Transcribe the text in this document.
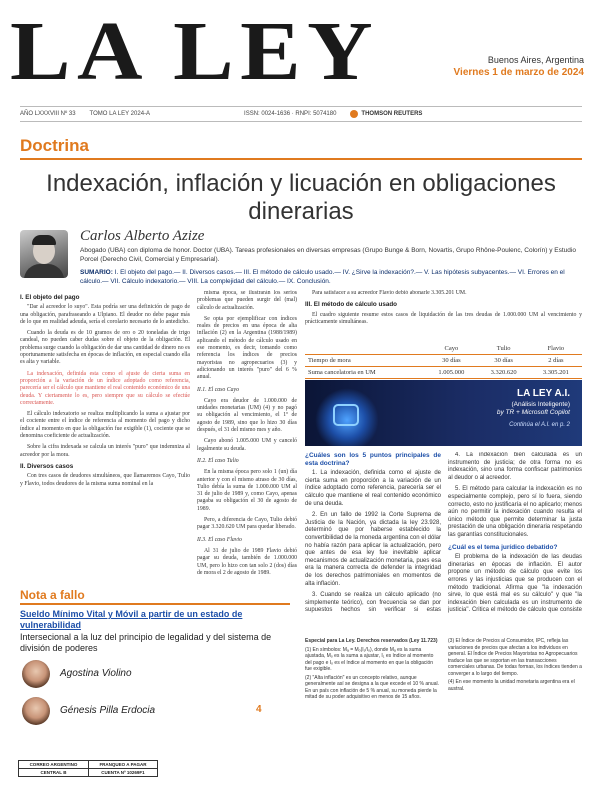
LA LEY	Buenos Aires, Argentina
Viernes 1 de marzo de 2024
AÑO LXXXVIII Nº 33 TOMO LA LEY 2024-A	ISSN: 0024-1636 · RNPI: 5074180	THOMSON REUTERS
Doctrina
Indexación, inflación y licuación en obligaciones dinerarias
Carlos Alberto Azize
Abogado (UBA) con diploma de honor. Doctor (UBA). Tareas profesionales en diversas empresas (Grupo Bunge & Born, Novartis, Grupo Rhône-Poulenc, Colorín) y Estudio Porcel (Derecho Civil, Comercial y Empresarial).
SUMARIO: I. El objeto del pago.— II. Diversos casos.— III. El método de cálculo usado.— IV. ¿Sirve la indexación?.— V. Las hipótesis subyacentes.— VI. Errores en el cálculo.— VII. Cálculo indexatorio.— VIII. La complejidad del cálculo.— IX. Conclusión.
I. El objeto del pago

"Dar al acreedor lo suyo". Esta podría ser una definición de pago de una obligación, parafraseando a Ulpiano. El deudor no debe pagar más de lo que en realidad adeuda, sería el corolario necesario de lo antedicho.

Cuando la deuda es de 10 gramos de oro o 20 toneladas de trigo candeal, no pueden caber dudas sobre el objeto de la obligación. El problema surge cuando la obligación de dar una cantidad de dinero no es oportunamente satisfecha en épocas de inflación, en especial cuando ella es alta y variable.

La indexación, definida esta como el ajuste de cierta suma en proporción a la variación de un índice adoptado como referencia, parecería ser el cálculo que mantiene el real contenido económico de una deuda. Y ciertamente lo es, pero siempre que su cálculo se efectúe correctamente.

El cálculo indexatorio se realiza multiplicando la suma a ajustar por el cociente entre el índice de referencia al momento del pago y dicho índice al momento en que la obligación fue exigible (1), cociente que se denomina coeficiente de actualización.

Sobre la cifra indexada se calcula un interés "puro" que indemniza al acreedor por la mora.

II. Diversos casos

Con tres casos de deudores simultáneos, que llamaremos Cayo, Tulio y Flavio, todos deudores de la misma suma nominal en la

misma época, se ilustrarán los serios problemas que pueden surgir del (mal) cálculo de actualización.

Se opta por ejemplificar con índices reales de precios en una época de alta inflación (2) en la Argentina (1988/1989) aplicando el método de cálculo usado en ese momento, es decir, tomando como referencia los índices de precios mayoristas no agropecuarios (3) y adicionando un interés "puro" del 6 % anual.

II.1. El caso Cayo

Cayo era deudor de 1.000.000 de unidades monetarias (UM) (4) y no pagó su obligación al vencimiento, el 1º de agosto de 1989, sino que lo hizo 30 días después, el 31 del mismo mes y año.

Cayo abonó 1.005.000 UM y canceló legalmente su deuda.

II.2. El caso Tulio

En la misma época pero solo 1 (un) día anterior y con el mismo atraso de 30 días, Tulio debía la suma de 1.000.000 UM al 31 de julio de 1989 y, como Cayo, apenas pagaba su obligación el 30 de agosto de 1989.

Pero, a diferencia de Cayo, Tulio debió pagar 3.320.620 UM para quedar liberado.

II.3. El caso Flavio

Al 31 de julio de 1989 Flavio debió pagar su deuda, también de 1.000.000 UM, pero lo hizo con tan solo 2 (dos) días de mora el 2 de agosto de 1989.

Para satisfacer a su acreedor Flavio debió abonarle 3.305.201 UM.

III. El método de cálculo usado

El cuadro siguiente resume estos casos de liquidación de las tres deudas de 1.000.000 UM al vencimiento y prácticamente simultáneas.

	Cayo	Tulio	Flavio
Tiempo de mora	30 días	30 días	2 días
Suma cancelatoria en UM	1.005.000	3.320.620	3.305.201
LA LEY A.I.
(Análisis Inteligente)
by TR + Microsoft Copilot
Continúa el A.I. en p. 2
¿Cuáles son los 5 puntos principales de esta doctrina?

1. La indexación, definida como el ajuste de cierta suma en proporción a la variación de un índice adoptado como referencia, parecería ser el cálculo que mantiene el real contenido económico de una deuda.

2. En un fallo de 1992 la Corte Suprema de Justicia de la Nación, ya dictada la ley 23.928, determinó que por haberse establecido la convertibilidad de la moneda argentina con el dólar no había razón para aplicar la actualización, pero que antes de esa ley fue inevitable aplicar mecanismos de actualización monetaria, pues esa era la manera correcta de defender la integridad de los derechos patrimoniales en momentos de alta inflación.

3. Cuando se realiza un cálculo aplicado (no simplemente teórico), con frecuencia se dan por supuestos hechos sin verificar si estas

4. La indexación bien calculada es un instrumento de justicia; de otra forma no es indexación, sino una forma confiscar patrimonios al deudor o al acreedor.

5. El método para calcular la indexación es no especialmente complejo, pero sí lo fuera, siendo correcto, esto no justificaría el no aplicarlo; menos aún no permitir la indexación cuando resulta el único método que permite determinar la justa prestación de una obligación dineraria respetando las garantías constitucionales.

¿Cuál es el tema jurídico debatido?

El problema de la indexación de las deudas dinerarias en épocas de inflación. El autor propone un método de cálculo que evite los errores y las injusticias que se producen con el método tradicional. Afirma que "la indexación sirve, lo que está mal es su cálculo" y que "la indexación bien calculada es un instrumento de justicia". Critica el método de cálculo que consiste

Especial para La Ley. Derechos reservados (Ley 11.723)

(1) En símbolos: Mₐ = Mₒ(I₁/Iₒ), donde Mₐ es la suma ajustada, Mₒ es la suma a ajustar, I₁ es índice al momento del pago e Iₒ es el índice al momento en que la obligación fue exigible.

(2) "Alta inflación" es un concepto relativo, aunque generalmente así se designa a la que excede el 10 % anual. En un país con inflación de 5 % anual, su moneda pierde la mitad de su poder adquisitivo en menos de 15 años.

(3) El Índice de Precios al Consumidor, IPC, refleja las variaciones de precios que afectan a los individuos en general. El Índice de Precios Mayoristas no Agropecuarios traduce las que se soportan en las transacciones comerciales urbanas. De todas formas, los índices tienden a converger a lo largo del tiempo.

(4) En ese momento la unidad monetaria argentina era el austral.

Nota a fallo
Sueldo Mínimo Vital y Móvil a partir de un estado de vulnerabilidad
Intersecional a la luz del principio de legalidad y del sistema de división de poderes
Agostina Violino
Génesis Pilla Erdocia	4
CORREO ARGENTINO	FRANQUEO A PAGAR
CENTRAL B	CUENTA Nº 10269F1
